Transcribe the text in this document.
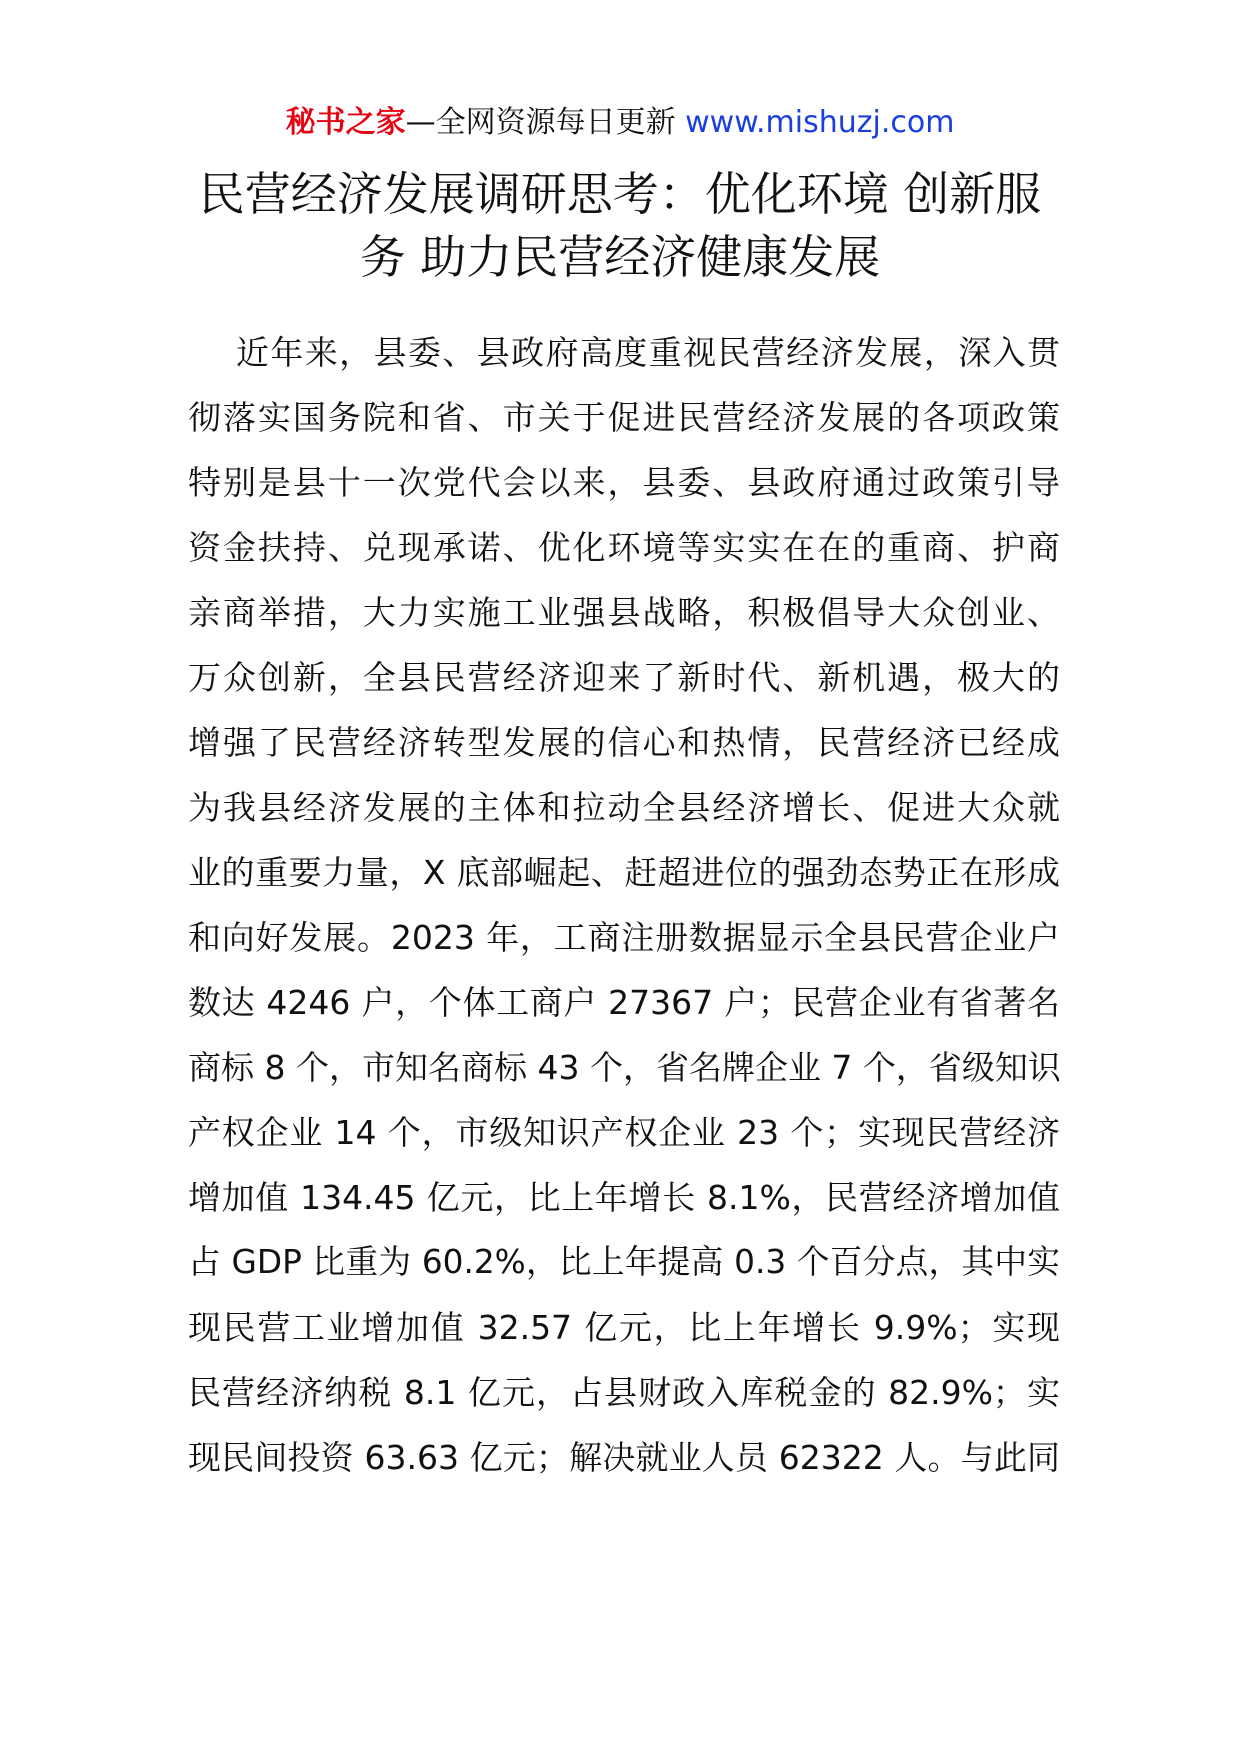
秘书之家—全网资源每日更新 www.mishuzj.com
民营经济发展调研思考：优化环境 创新服
务 助力民营经济健康发展
近年来，县委、县政府高度重视民营经济发展，深入贯
彻落实国务院和省、市关于促进民营经济发展的各项政策
特别是县十一次党代会以来，县委、县政府通过政策引导
资金扶持、兑现承诺、优化环境等实实在在的重商、护商
亲商举措，大力实施工业强县战略，积极倡导大众创业、
万众创新，全县民营经济迎来了新时代、新机遇，极大的
增强了民营经济转型发展的信心和热情，民营经济已经成
为我县经济发展的主体和拉动全县经济增长、促进大众就
业的重要力量，X 底部崛起、赶超进位的强劲态势正在形成
和向好发展。2023 年，工商注册数据显示全县民营企业户
数达 4246 户，个体工商户 27367 户；民营企业有省著名
商标 8 个，市知名商标 43 个，省名牌企业 7 个，省级知识
产权企业 14 个，市级知识产权企业 23 个；实现民营经济
增加值 134.45 亿元，比上年增长 8.1%，民营经济增加值
占 GDP 比重为 60.2%，比上年提高 0.3 个百分点，其中实
现民营工业增加值 32.57 亿元，比上年增长 9.9%；实现
民营经济纳税 8.1 亿元，占县财政入库税金的 82.9%；实
现民间投资 63.63 亿元；解决就业人员 62322 人。与此同
